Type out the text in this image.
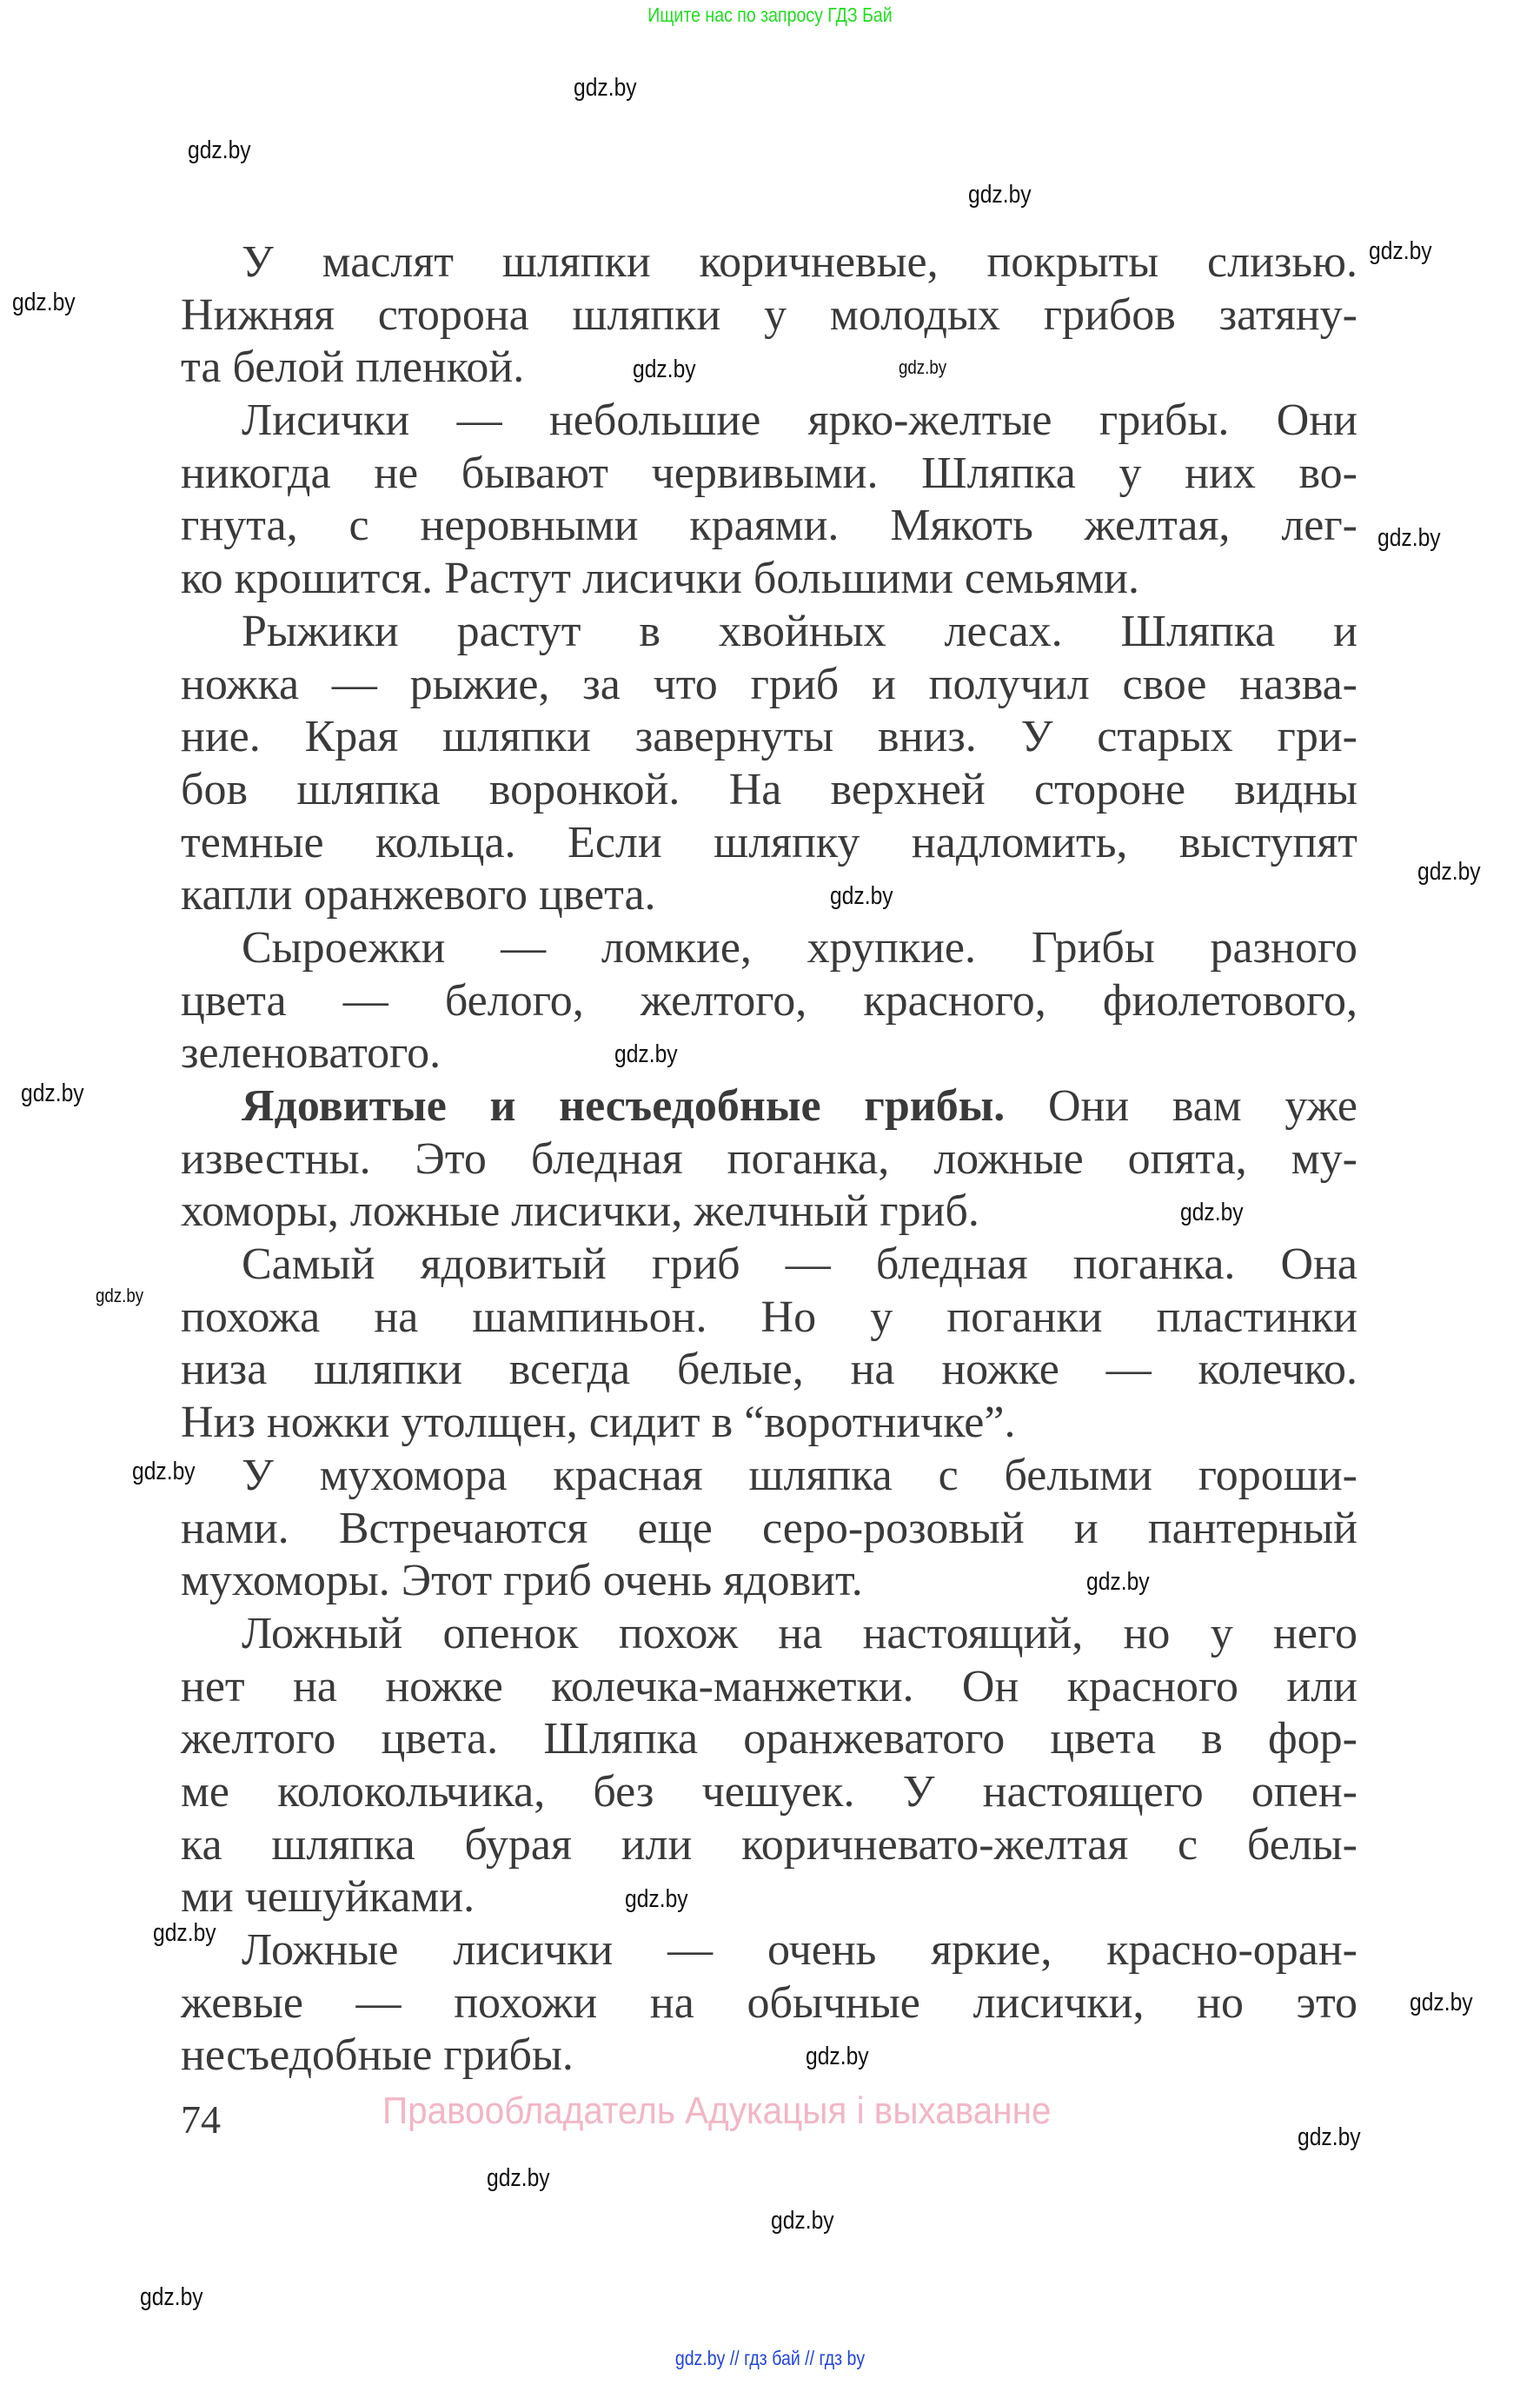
Ищите нас по запросу ГДЗ Бай
У маслят шляпки коричневые, покрыты слизью.
Нижняя сторона шляпки у молодых грибов затяну-
та белой пленкой.
Лисички — небольшие ярко-желтые грибы. Они
никогда не бывают червивыми. Шляпка у них во-
гнута, с неровными краями. Мякоть желтая, лег-
ко крошится. Растут лисички большими семьями.
Рыжики растут в хвойных лесах. Шляпка и
ножка — рыжие, за что гриб и получил свое назва-
ние. Края шляпки завернуты вниз. У старых гри-
бов шляпка воронкой. На верхней стороне видны
темные кольца. Если шляпку надломить, выступят
капли оранжевого цвета.
Сыроежки — ломкие, хрупкие. Грибы разного
цвета — белого, желтого, красного, фиолетового,
зеленоватого.
Ядовитые и несъедобные грибы. Они вам уже
известны. Это бледная поганка, ложные опята, му-
хоморы, ложные лисички, желчный гриб.
Самый ядовитый гриб — бледная поганка. Она
похожа на шампиньон. Но у поганки пластинки
низа шляпки всегда белые, на ножке — колечко.
Низ ножки утолщен, сидит в “воротничке”.
У мухомора красная шляпка с белыми гороши-
нами. Встречаются еще серо-розовый и пантерный
мухоморы. Этот гриб очень ядовит.
Ложный опенок похож на настоящий, но у него
нет на ножке колечка-манжетки. Он красного или
желтого цвета. Шляпка оранжеватого цвета в фор-
ме колокольчика, без чешуек. У настоящего опен-
ка шляпка бурая или коричневато-желтая с белы-
ми чешуйками.
Ложные лисички — очень яркие, красно-оран-
жевые — похожи на обычные лисички, но это
несъедобные грибы.
74	Правообладатель Адукацыя і выхаванне
gdz.by
gdz.by
gdz.by
gdz.by
gdz.by
gdz.by	gdz.by
gdz.by
gdz.by
gdz.by
gdz.by
gdz.by
gdz.by
gdz.by
gdz.by
gdz.by
gdz.by
gdz.by
gdz.by
gdz.by
gdz.by
gdz.by
gdz.by
gdz.by
gdz.by // гдз бай // гдз by
